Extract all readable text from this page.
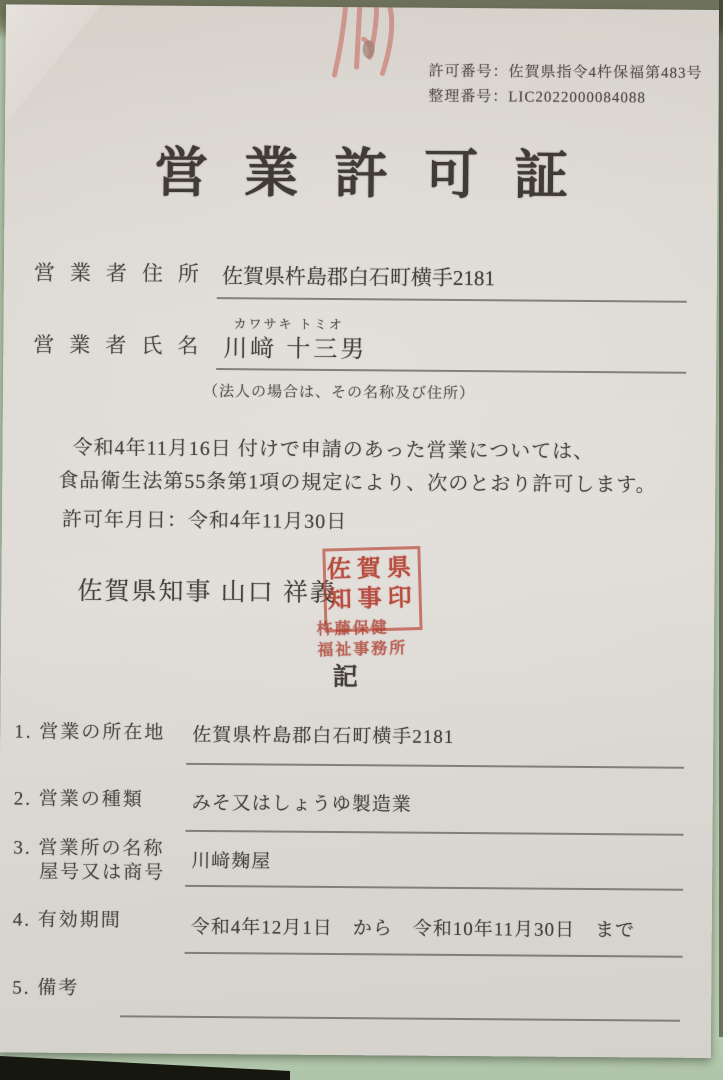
許可番号：佐賀県指令4杵保福第483号
整理番号：LIC2022000084088
営業許可証
営業者住所 佐賀県杵島郡白石町横手2181
カワサキ トミオ
営業者氏名 川﨑 十三男
（法人の場合は、その名称及び住所）
令和4年11月16日 付けで申請のあった営業については、
食品衛生法第55条第1項の規定により、次のとおり許可します。
許可年月日：令和4年11月30日
佐賀県知事 山口 祥義
佐賀県
知事印
杵藤保健
福祉事務所
記
1. 営業の所在地 佐賀県杵島郡白石町横手2181
2. 営業の種類	みそ又はしょうゆ製造業
3. 営業所の名称
屋号又は商号 川﨑麹屋
4. 有効期間	令和4年12月1日　から　令和10年11月30日　まで
5. 備考
